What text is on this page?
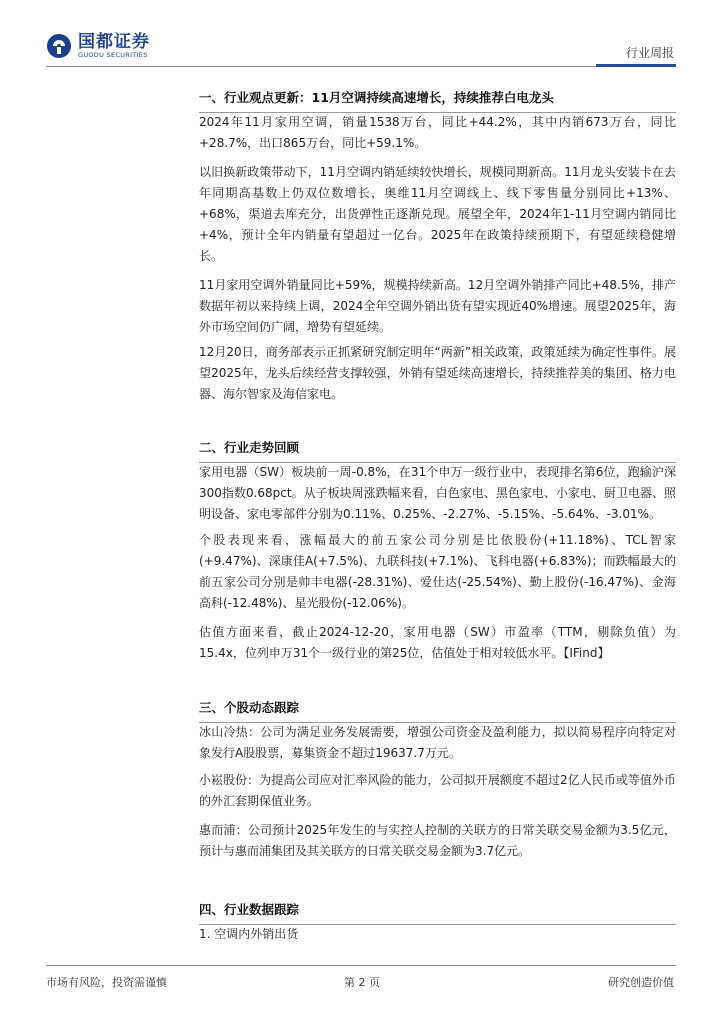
国都证券
GUODU SECURITIES	行业周报
一、行业观点更新：11月空调持续高速增长，持续推荐白电龙头
2024年11月家用空调，销量1538万台，同比+44.2%，其中内销673万台，同比+28.7%，出口865万台，同比+59.1%。
以旧换新政策带动下，11月空调内销延续较快增长，规模同期新高。11月龙头安装卡在去年同期高基数上仍双位数增长，奥维11月空调线上、线下零售量分别同比+13%、+68%，渠道去库充分，出货弹性正逐渐兑现。展望全年，2024年1-11月空调内销同比+4%，预计全年内销量有望超过一亿台。2025年在政策持续预期下，有望延续稳健增长。
11月家用空调外销量同比+59%，规模持续新高。12月空调外销排产同比+48.5%，排产数据年初以来持续上调，2024全年空调外销出货有望实现近40%增速。展望2025年，海外市场空间仍广阔，增势有望延续。
12月20日，商务部表示正抓紧研究制定明年“两新”相关政策，政策延续为确定性事件。展望2025年，龙头后续经营支撑较强，外销有望延续高速增长，持续推荐美的集团、格力电器、海尔智家及海信家电。
二、行业走势回顾
家用电器（SW）板块前一周-0.8%，在31个申万一级行业中，表现排名第6位，跑输沪深300指数0.68pct。从子板块周涨跌幅来看，白色家电、黑色家电、小家电、厨卫电器、照明设备、家电零部件分别为0.11%、0.25%、-2.27%、-5.15%、-5.64%、-3.01%。
个股表现来看，涨幅最大的前五家公司分别是比依股份(+11.18%)、TCL智家(+9.47%)、深康佳A(+7.5%)、九联科技(+7.1%)、飞科电器(+6.83%)；而跌幅最大的前五家公司分别是帅丰电器(-28.31%)、爱仕达(-25.54%)、勤上股份(-16.47%)、金海高科(-12.48%)、星光股份(-12.06%)。
估值方面来看，截止2024-12-20，家用电器（SW）市盈率（TTM，剔除负值）为15.4x，位列申万31个一级行业的第25位，估值处于相对较低水平。【IFind】
三、个股动态跟踪
冰山冷热：公司为满足业务发展需要，增强公司资金及盈利能力，拟以简易程序向特定对象发行A股股票，募集资金不超过19637.7万元。
小崧股份：为提高公司应对汇率风险的能力，公司拟开展额度不超过2亿人民币或等值外币的外汇套期保值业务。
惠而浦：公司预计2025年发生的与实控人控制的关联方的日常关联交易金额为3.5亿元，预计与惠而浦集团及其关联方的日常关联交易金额为3.7亿元。
四、行业数据跟踪
1. 空调内外销出货
市场有风险，投资需谨慎	第 2 页	研究创造价值
